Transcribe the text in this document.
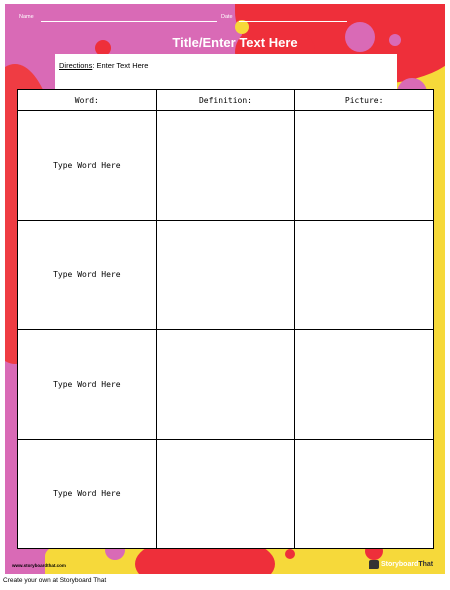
Name	Date
Title/Enter Text Here
Directions: Enter Text Here
Word:	Definition:	Picture:
Type Word Here		
Type Word Here		
Type Word Here		
Type Word Here		
www.storyboardthat.com	StoryboardThat
Create your own at Storyboard That
